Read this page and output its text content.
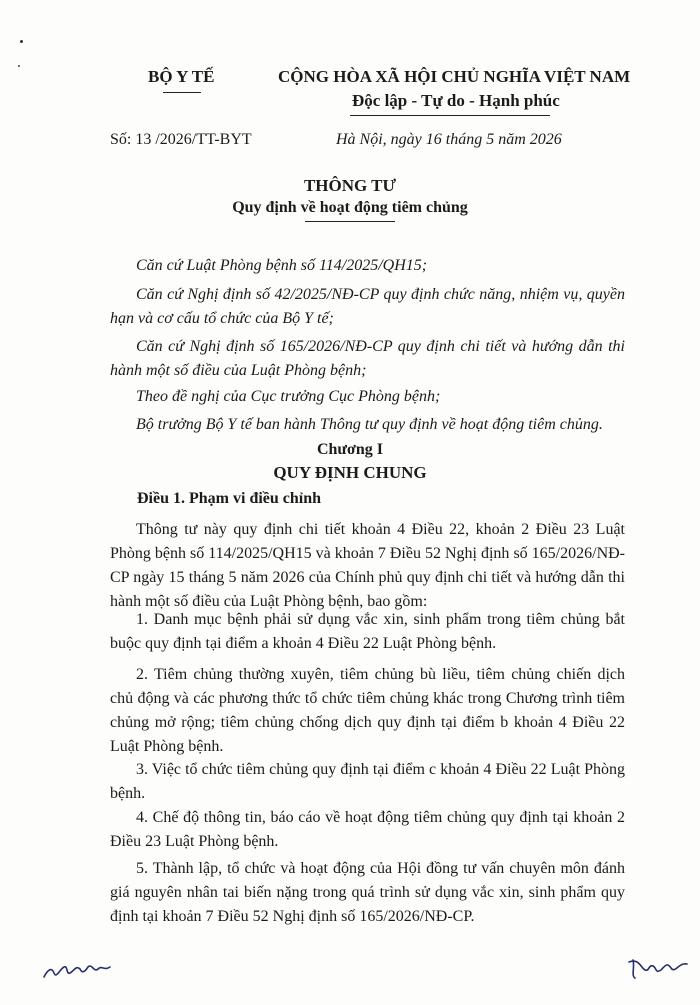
BỘ Y TẾ	CỘNG HÒA XÃ HỘI CHỦ NGHĨA VIỆT NAM
Độc lập - Tự do - Hạnh phúc
Số: 13 /2026/TT-BYT	Hà Nội, ngày 16 tháng 5 năm 2026
THÔNG TƯ
Quy định về hoạt động tiêm chủng
Căn cứ Luật Phòng bệnh số 114/2025/QH15;
Căn cứ Nghị định số 42/2025/NĐ-CP quy định chức năng, nhiệm vụ, quyền hạn và cơ cấu tổ chức của Bộ Y tế;
Căn cứ Nghị định số 165/2026/NĐ-CP quy định chi tiết và hướng dẫn thi hành một số điều của Luật Phòng bệnh;
Theo đề nghị của Cục trưởng Cục Phòng bệnh;
Bộ trưởng Bộ Y tế ban hành Thông tư quy định về hoạt động tiêm chủng.
Chương I
QUY ĐỊNH CHUNG
Điều 1. Phạm vi điều chỉnh
Thông tư này quy định chi tiết khoản 4 Điều 22, khoản 2 Điều 23 Luật Phòng bệnh số 114/2025/QH15 và khoản 7 Điều 52 Nghị định số 165/2026/NĐ-CP ngày 15 tháng 5 năm 2026 của Chính phủ quy định chi tiết và hướng dẫn thi hành một số điều của Luật Phòng bệnh, bao gồm:
1. Danh mục bệnh phải sử dụng vắc xin, sinh phẩm trong tiêm chủng bắt buộc quy định tại điểm a khoản 4 Điều 22 Luật Phòng bệnh.
2. Tiêm chủng thường xuyên, tiêm chủng bù liều, tiêm chủng chiến dịch chủ động và các phương thức tổ chức tiêm chủng khác trong Chương trình tiêm chủng mở rộng; tiêm chủng chống dịch quy định tại điểm b khoản 4 Điều 22 Luật Phòng bệnh.
3. Việc tổ chức tiêm chủng quy định tại điểm c khoản 4 Điều 22 Luật Phòng bệnh.
4. Chế độ thông tin, báo cáo về hoạt động tiêm chủng quy định tại khoản 2 Điều 23 Luật Phòng bệnh.
5. Thành lập, tổ chức và hoạt động của Hội đồng tư vấn chuyên môn đánh giá nguyên nhân tai biến nặng trong quá trình sử dụng vắc xin, sinh phẩm quy định tại khoản 7 Điều 52 Nghị định số 165/2026/NĐ-CP.
